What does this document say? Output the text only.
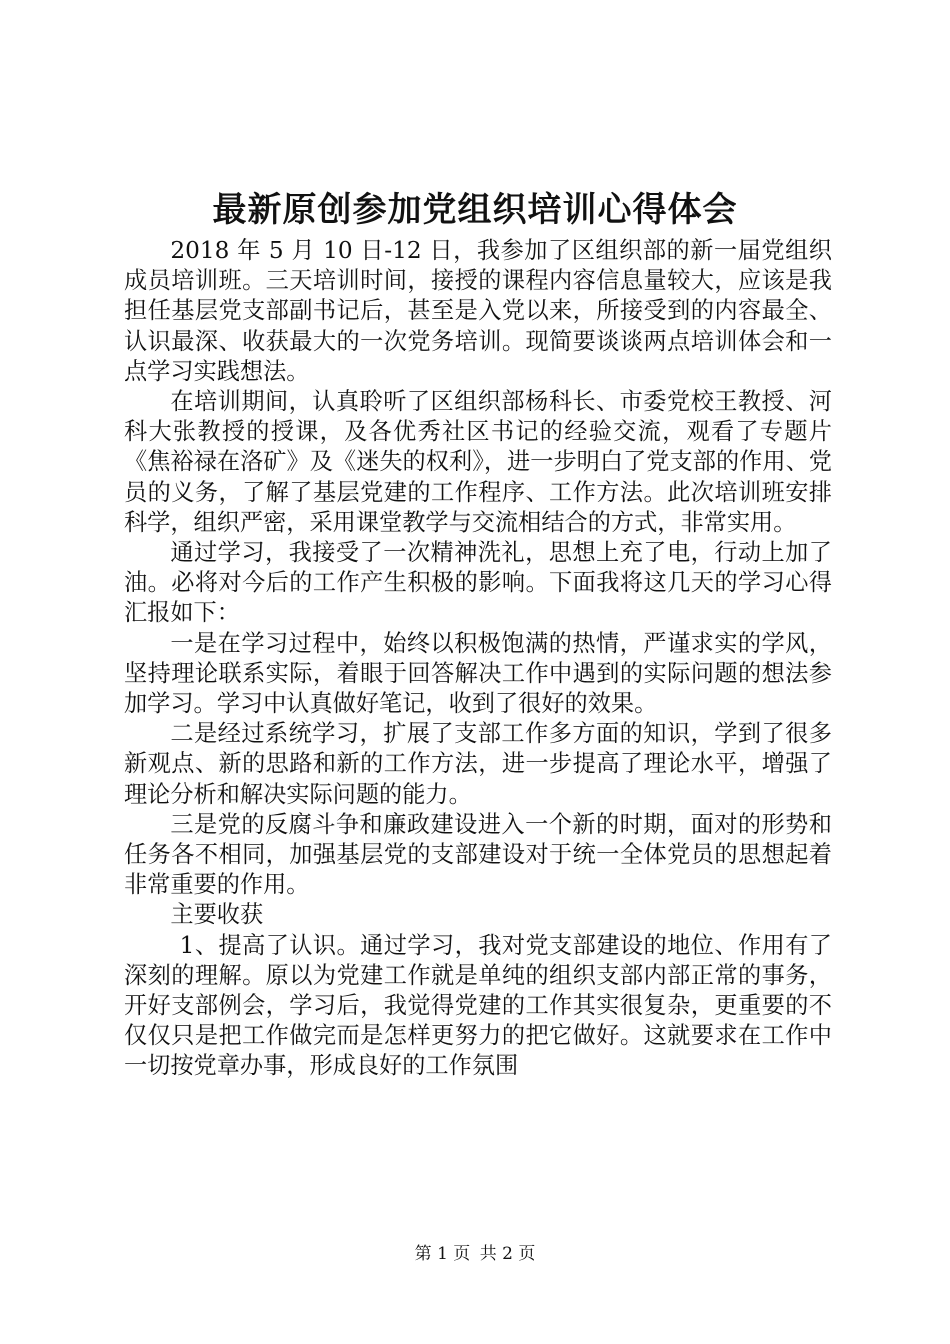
最新原创参加党组织培训心得体会

2018 年 5 月 10 日-12 日，我参加了区组织部的新一届党组织成员培训班。三天培训时间，接授的课程内容信息量较大，应该是我担任基层党支部副书记后，甚至是入党以来，所接受到的内容最全、认识最深、收获最大的一次党务培训。现简要谈谈两点培训体会和一点学习实践想法。

在培训期间，认真聆听了区组织部杨科长、市委党校王教授、河科大张教授的授课，及各优秀社区书记的经验交流，观看了专题片《焦裕禄在洛矿》及《迷失的权利》，进一步明白了党支部的作用、党员的义务，了解了基层党建的工作程序、工作方法。此次培训班安排科学，组织严密，采用课堂教学与交流相结合的方式，非常实用。

通过学习，我接受了一次精神洗礼，思想上充了电，行动上加了油。必将对今后的工作产生积极的影响。下面我将这几天的学习心得汇报如下：

一是在学习过程中，始终以积极饱满的热情，严谨求实的学风，坚持理论联系实际，着眼于回答解决工作中遇到的实际问题的想法参加学习。学习中认真做好笔记，收到了很好的效果。

二是经过系统学习，扩展了支部工作多方面的知识，学到了很多新观点、新的思路和新的工作方法，进一步提高了理论水平，增强了理论分析和解决实际问题的能力。

三是党的反腐斗争和廉政建设进入一个新的时期，面对的形势和任务各不相同，加强基层党的支部建设对于统一全体党员的思想起着非常重要的作用。

主要收获

1、提高了认识。通过学习，我对党支部建设的地位、作用有了深刻的理解。原以为党建工作就是单纯的组织支部内部正常的事务，开好支部例会，学习后，我觉得党建的工作其实很复杂，更重要的不仅仅只是把工作做完而是怎样更努力的把它做好。这就要求在工作中一切按党章办事，形成良好的工作氛围

第 1 页 共 2 页
